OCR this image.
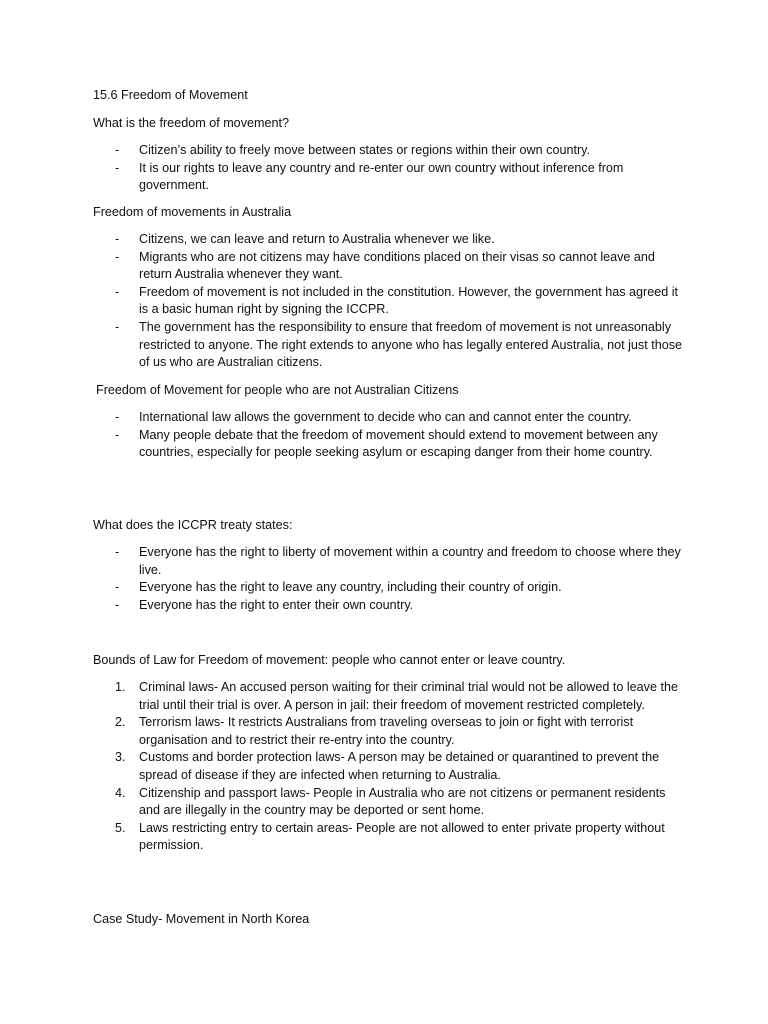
15.6 Freedom of Movement
What is the freedom of movement?
- Citizen’s ability to freely move between states or regions within their own country.
- It is our rights to leave any country and re-enter our own country without inference from government.
Freedom of movements in Australia
- Citizens, we can leave and return to Australia whenever we like.
- Migrants who are not citizens may have conditions placed on their visas so cannot leave and return Australia whenever they want.
- Freedom of movement is not included in the constitution. However, the government has agreed it is a basic human right by signing the ICCPR.
- The government has the responsibility to ensure that freedom of movement is not unreasonably restricted to anyone. The right extends to anyone who has legally entered Australia, not just those of us who are Australian citizens.
Freedom of Movement for people who are not Australian Citizens
- International law allows the government to decide who can and cannot enter the country.
- Many people debate that the freedom of movement should extend to movement between any countries, especially for people seeking asylum or escaping danger from their home country.
What does the ICCPR treaty states:
- Everyone has the right to liberty of movement within a country and freedom to choose where they live.
- Everyone has the right to leave any country, including their country of origin.
- Everyone has the right to enter their own country.
Bounds of Law for Freedom of movement: people who cannot enter or leave country.
1. Criminal laws- An accused person waiting for their criminal trial would not be allowed to leave the trial until their trial is over. A person in jail: their freedom of movement restricted completely.
2. Terrorism laws- It restricts Australians from traveling overseas to join or fight with terrorist organisation and to restrict their re-entry into the country.
3. Customs and border protection laws- A person may be detained or quarantined to prevent the spread of disease if they are infected when returning to Australia.
4. Citizenship and passport laws- People in Australia who are not citizens or permanent residents and are illegally in the country may be deported or sent home.
5. Laws restricting entry to certain areas- People are not allowed to enter private property without permission.
Case Study- Movement in North Korea
